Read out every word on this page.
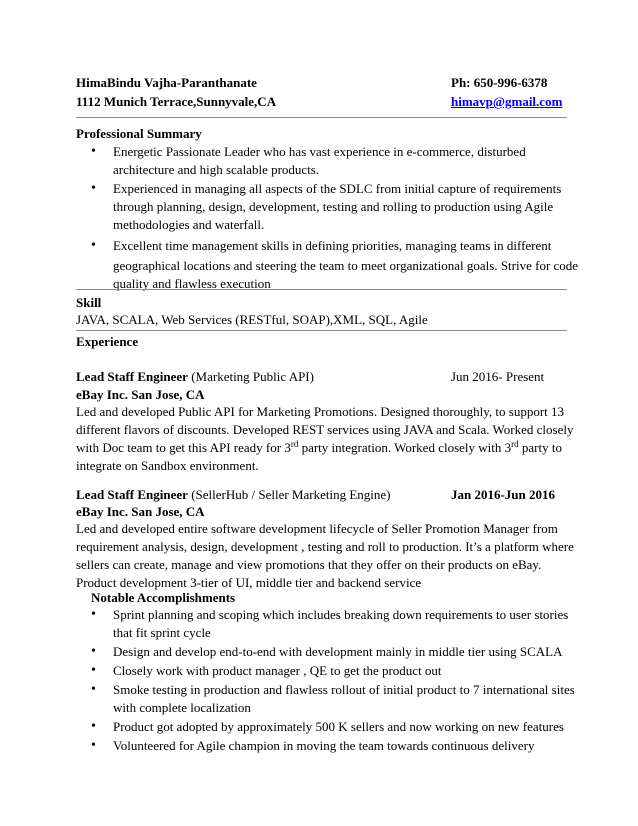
HimaBindu Vajha-Paranthanate	Ph: 650-996-6378
1112 Munich Terrace,Sunnyvale,CA	himavp@gmail.com
Professional Summary
• Energetic Passionate Leader who has vast experience in e-commerce, disturbed
architecture and high scalable products.
• Experienced in managing all aspects of the SDLC from initial capture of requirements
through planning, design, development, testing and rolling to production using Agile
methodologies and waterfall.
• Excellent time management skills in defining priorities, managing teams in different
geographical locations and steering the team to meet organizational goals. Strive for code
quality and flawless execution
Skill
JAVA, SCALA, Web Services (RESTful, SOAP),XML, SQL, Agile
Experience
Lead Staff Engineer (Marketing Public API)	Jun 2016- Present
eBay Inc. San Jose, CA
Led and developed Public API for Marketing Promotions. Designed thoroughly, to support 13
different flavors of discounts. Developed REST services using JAVA and Scala. Worked closely
with Doc team to get this API ready for 3rd party integration. Worked closely with 3rd party to
integrate on Sandbox environment.
Lead Staff Engineer (SellerHub / Seller Marketing Engine)	Jan 2016-Jun 2016
eBay Inc. San Jose, CA
Led and developed entire software development lifecycle of Seller Promotion Manager from
requirement analysis, design, development , testing and roll to production. It’s a platform where
sellers can create, manage and view promotions that they offer on their products on eBay.
Product development 3-tier of UI, middle tier and backend service
Notable Accomplishments
• Sprint planning and scoping which includes breaking down requirements to user stories
that fit sprint cycle
• Design and develop end-to-end with development mainly in middle tier using SCALA
• Closely work with product manager , QE to get the product out
• Smoke testing in production and flawless rollout of initial product to 7 international sites
with complete localization
• Product got adopted by approximately 500 K sellers and now working on new features
• Volunteered for Agile champion in moving the team towards continuous delivery
